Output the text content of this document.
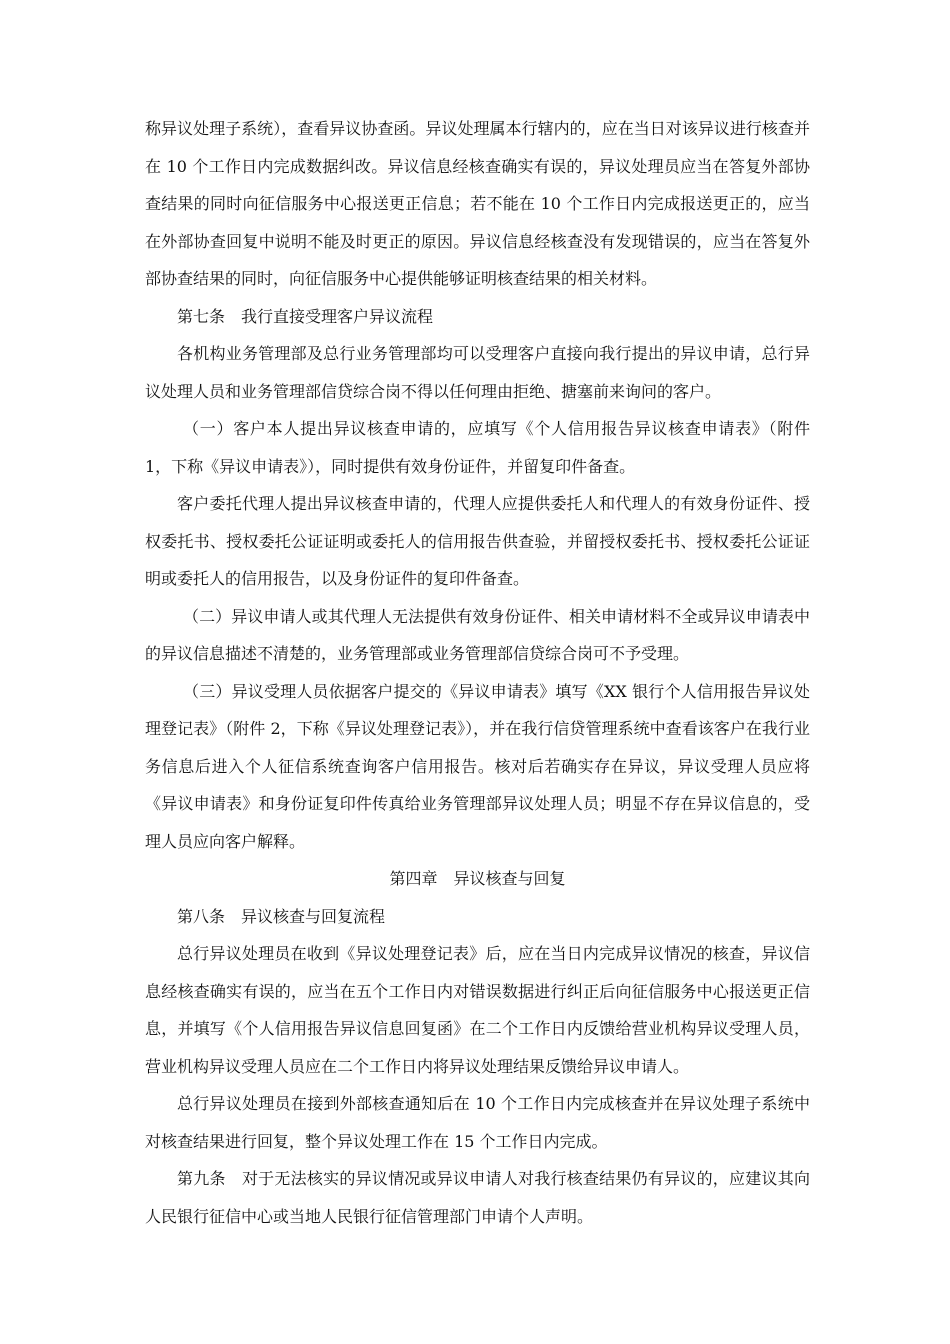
称异议处理子系统），查看异议协查函。异议处理属本行辖内的，应在当日对该异议进行核查并在 10 个工作日内完成数据纠改。异议信息经核查确实有误的，异议处理员应当在答复外部协查结果的同时向征信服务中心报送更正信息；若不能在 10 个工作日内完成报送更正的，应当在外部协查回复中说明不能及时更正的原因。异议信息经核查没有发现错误的，应当在答复外部协查结果的同时，向征信服务中心提供能够证明核查结果的相关材料。

第七条　我行直接受理客户异议流程

各机构业务管理部及总行业务管理部均可以受理客户直接向我行提出的异议申请，总行异议处理人员和业务管理部信贷综合岗不得以任何理由拒绝、搪塞前来询问的客户。

（一）客户本人提出异议核查申请的，应填写《个人信用报告异议核查申请表》（附件 1，下称《异议申请表》），同时提供有效身份证件，并留复印件备查。

客户委托代理人提出异议核查申请的，代理人应提供委托人和代理人的有效身份证件、授权委托书、授权委托公证证明或委托人的信用报告供查验，并留授权委托书、授权委托公证证明或委托人的信用报告，以及身份证件的复印件备查。

（二）异议申请人或其代理人无法提供有效身份证件、相关申请材料不全或异议申请表中的异议信息描述不清楚的，业务管理部或业务管理部信贷综合岗可不予受理。

（三）异议受理人员依据客户提交的《异议申请表》填写《XX 银行个人信用报告异议处理登记表》（附件 2，下称《异议处理登记表》），并在我行信贷管理系统中查看该客户在我行业务信息后进入个人征信系统查询客户信用报告。核对后若确实存在异议，异议受理人员应将《异议申请表》和身份证复印件传真给业务管理部异议处理人员；明显不存在异议信息的，受理人员应向客户解释。

第四章　异议核查与回复

第八条　异议核查与回复流程

总行异议处理员在收到《异议处理登记表》后，应在当日内完成异议情况的核查，异议信息经核查确实有误的，应当在五个工作日内对错误数据进行纠正后向征信服务中心报送更正信息，并填写《个人信用报告异议信息回复函》在二个工作日内反馈给营业机构异议受理人员，营业机构异议受理人员应在二个工作日内将异议处理结果反馈给异议申请人。

总行异议处理员在接到外部核查通知后在 10 个工作日内完成核查并在异议处理子系统中对核查结果进行回复，整个异议处理工作在 15 个工作日内完成。

第九条　对于无法核实的异议情况或异议申请人对我行核查结果仍有异议的，应建议其向人民银行征信中心或当地人民银行征信管理部门申请个人声明。
